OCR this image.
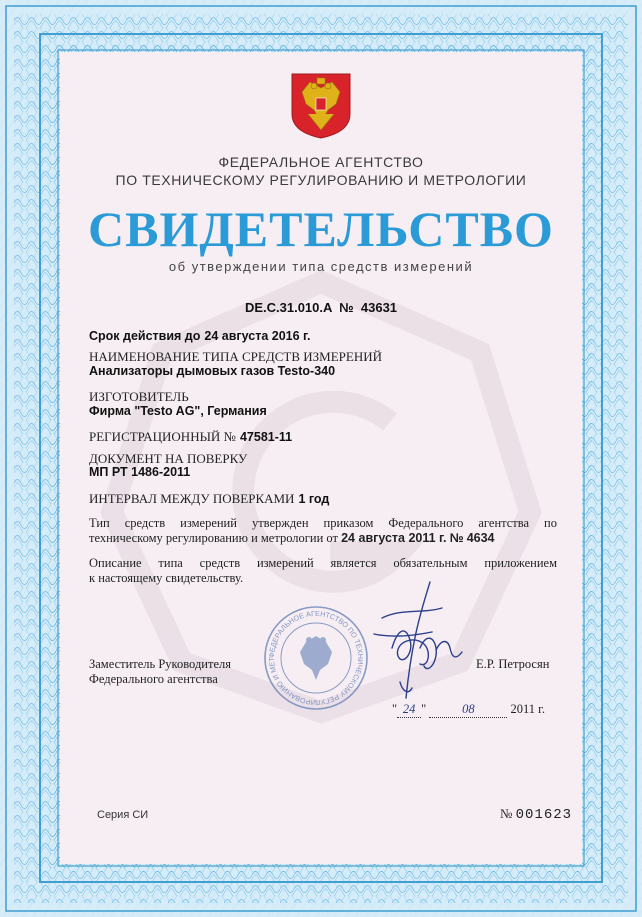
ФЕДЕРАЛЬНОЕ АГЕНТСТВО
ПО ТЕХНИЧЕСКОМУ РЕГУЛИРОВАНИЮ И МЕТРОЛОГИИ
СВИДЕТЕЛЬСТВО
об утверждении типа средств измерений
DE.C.31.010.A № 43631
Срок действия до 24 августа 2016 г.
НАИМЕНОВАНИЕ ТИПА СРЕДСТВ ИЗМЕРЕНИЙ
Анализаторы дымовых газов Testo-340
ИЗГОТОВИТЕЛЬ
Фирма "Testo AG", Германия
РЕГИСТРАЦИОННЫЙ № 47581-11
ДОКУМЕНТ НА ПОВЕРКУ
МП РТ 1486-2011
ИНТЕРВАЛ МЕЖДУ ПОВЕРКАМИ 1 год
Тип средств измерений утвержден приказом Федерального агентства по
техническому регулированию и метрологии от 24 августа 2011 г. № 4634
Описание типа средств измерений является обязательным приложением
к настоящему свидетельству.
ФЕДЕРАЛЬНОЕ АГЕНТСТВО ПО ТЕХНИЧЕСКОМУ РЕГУЛИРОВАНИЮ И МЕТ
Заместитель Руководителя
Федерального агентства
Е.Р. Петросян
" 24 "	08	2011 г.
Серия СИ	№ 001623
